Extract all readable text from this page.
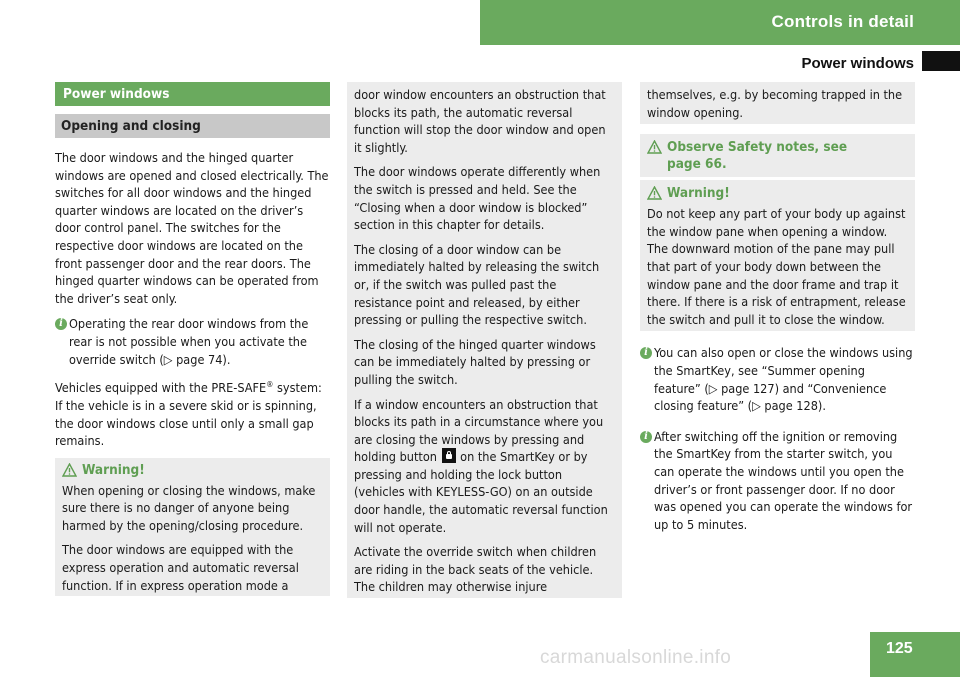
Controls in detail
Power windows
Power windows
Opening and closing

The door windows and the hinged quarter windows are opened and closed electrically. The switches for all door windows and the hinged quarter windows are located on the driver’s door control panel. The switches for the respective door windows are located on the front passenger door and the rear doors. The hinged quarter windows can be operated from the driver’s seat only.

i Operating the rear door windows from the rear is not possible when you activate the override switch (▷ page 74).

Vehicles equipped with the PRE-SAFE® system: If the vehicle is in a severe skid or is spinning, the door windows close until only a small gap remains.

Warning!

When opening or closing the windows, make sure there is no danger of anyone being harmed by the opening/closing procedure.

The door windows are equipped with the express operation and automatic reversal function. If in express operation mode a

door window encounters an obstruction that blocks its path, the automatic reversal function will stop the door window and open it slightly.

The door windows operate differently when the switch is pressed and held. See the “Closing when a door window is blocked” section in this chapter for details.

The closing of a door window can be immediately halted by releasing the switch or, if the switch was pulled past the resistance point and released, by either pressing or pulling the respective switch.

The closing of the hinged quarter windows can be immediately halted by pressing or pulling the switch.

If a window encounters an obstruction that blocks its path in a circumstance where you are closing the windows by pressing and holding button
on the SmartKey or by pressing and holding the lock button (vehicles with KEYLESS-GO) on an outside door handle, the automatic reversal function will not operate.

Activate the override switch when children are riding in the back seats of the vehicle. The children may otherwise injure

themselves, e.g. by becoming trapped in the window opening.

Observe Safety notes, see page 66.
Warning!

Do not keep any part of your body up against the window pane when opening a window. The downward motion of the pane may pull that part of your body down between the window pane and the door frame and trap it there. If there is a risk of entrapment, release the switch and pull it to close the window.

i You can also open or close the windows using the SmartKey, see “Summer opening feature” (▷ page 127) and “Convenience closing feature” (▷ page 128).
i After switching off the ignition or removing the SmartKey from the starter switch, you can operate the windows until you open the driver’s or front passenger door. If no door was opened you can operate the windows for up to 5 minutes.
125
carmanualsonline.info
